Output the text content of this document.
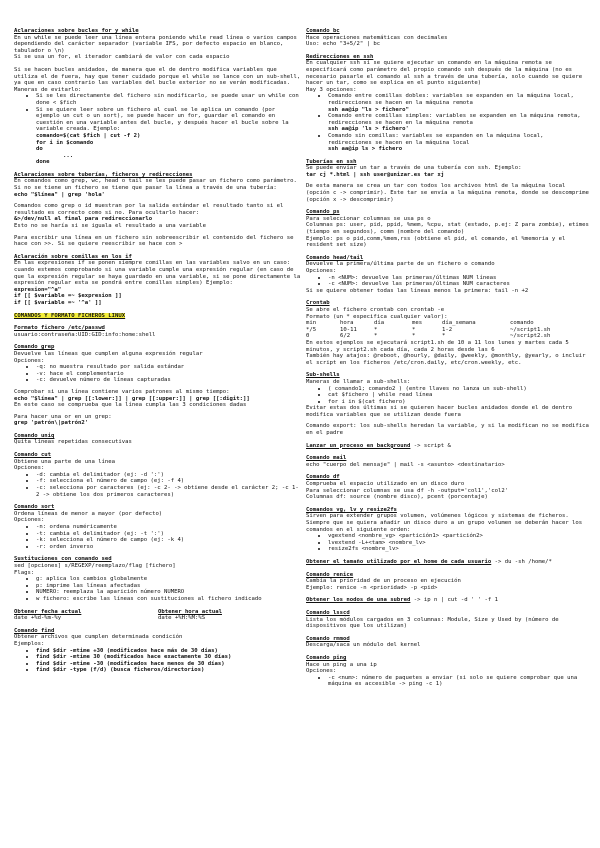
Aclaraciones sobre bucles for y while
En un while se puede leer una línea entera poniendo while read línea o varios campos dependiendo del carácter separador (variable IFS, por defecto espacio en blanco, tabulador o \n)
Si se usa un for, el iterador cambiará de valor con cada espacio
Si se hacen bucles anidados, de manera que el de dentro modifica variables que utiliza el de fuera, hay que tener cuidado porque el while se lance con un sub-shell, ya que en caso contrario las variables del bucle exterior no se verán modificadas. Maneras de evitarlo:
• Si se les directamente del fichero sin modificarlo, se puede usar un while con done < $fich
• Si se quiere leer sobre un fichero al cual se le aplica un comando (por ejemplo un cut o un sort), se puede hacer un for, guardar el comando en cuestión en una variable antes del bucle, y después hacer el bucle sobre la variable creada. Ejemplo:
comando=$(cat $fich | cut -f 2)
for i in $comando
do
...
done
Aclaraciones sobre tuberías, ficheros y redirecciones
En comandos como grep, wc, head o tail se les puede pasar un fichero como parámetro. Si no se tiene un fichero se tiene que pasar la línea a través de una tubería:
echo "$línea" | grep 'hola'
Comandos como grep o id muestran por la salida estándar el resultado tanto si el resultado es correcto como si no. Para ocultarlo hacer:
&>/dev/null al final para redireccionarlo
Esto no se haría si se iguala el resultado a una variable
Para escribir una línea en un fichero sin sobreescribir el contenido del fichero se hace con >>. Si se quiere reescribir se hace con >
Aclaración sobre comillas en los if
En las expresiones if se ponen siempre comillas en las variables salvo en un caso: cuando estemos comprobando si una variable cumple una expresión regular (en caso de que la expresión regular se haya guardado en una variable, si se pone directamente la expresión regular esta se pondrá entre comillas simples) Ejemplo:
expresion="^a"
if [[ $variable =~ $expresion ]]
if [[ $variable =~ '^a' ]]
COMANDOS Y FORMATO FICHEROS LINUX
Formato fichero /etc/passwd
usuario:contraseña:UID:GID:info:home:shell
Comando grep
Devuelve las líneas que cumplen alguna expresión regular
Opciones:
• -q: no muestra resultado por salida estándar
• -v: hace el complementario
• -c: devuelve número de líneas capturadas
Comprobar si una línea contiene varios patrones al mismo tiempo:
echo "$línea" | grep [[:lower:]] | grep [[:upper:]] | grep [[:digit:]]
En este caso se comprueba que la línea cumpla las 3 condiciones dadas
Para hacer una or en un grep:
grep 'patrón\|patrón2'
Comando uniq
Quita líneas repetidas consecutivas
Comando cut
Obtiene una parte de una línea
Opciones:
• -d: cambia el delimitador (ej: -d ':')
• -f: selecciona el número de campo (ej: -f 4)
• -c: selecciona por caracteres (ej: -c 2- -> obtiene desde el carácter 2; -c 1-2 -> obtiene los dos primeros caracteres)
Comando sort
Ordena líneas de menor a mayor (por defecto)
Opciones:
• -n: ordena numéricamente
• -t: cambia el delimitador (ej: -t ':')
• -k: selecciona el número de campo (ej: -k 4)
• -r: orden inverso
Sustituciones con comando sed
sed [opciones] s/REGEXP/reemplazo/flag [fichero]
Flags:
• g: aplica los cambios globalmente
• p: imprime las líneas afectadas
• NUMERO: reemplaza la aparición número NUMERO
• w fichero: escribe las líneas con sustituciones al fichero indicado
Obtener fecha actual
date +%d-%m-%y
Obtener hora actual
date +%H:%M:%S
Comando find
Obtener archivos que cumplen determinada condición
Ejemplos:
• find $dir -mtime +30 (modificados hace más de 30 días)
• find $dir -mtime 30 (modificados hace exactamente 30 días)
• find $dir -mtime -30 (modificados hace menos de 30 días)
• find $dir -type (f/d) (busca ficheros/directorios)
Comando bc
Hace operaciones matemáticas con decimales
Uso: echo "3+5/2" | bc
Redirecciones en ssh
En cualquier ssh si se quiere ejecutar un comando en la máquina remota se especificará como parámetro del propio comando ssh después de la máquina (no es necesario pasarle el comando al ssh a través de una tubería, solo cuando se quiere hacer un tar, como se explica en el punto siguiente)
Hay 3 opciones:
• Comando entre comillas dobles: variables se expanden en la máquina local, redirecciones se hacen en la máquina remota
ssh aa@ip "ls > fichero"
• Comando entre comillas simples: variables se expanden en la máquina remota, redirecciones se hacen en la máquina remota
ssh aa@ip 'ls > fichero'
• Comando sin comillas: variables se expanden en la máquina local, redirecciones se hacen en la máquina local
ssh aa@ip ls > fichero
Tuberías en ssh
Se puede enviar un tar a través de una tubería con ssh. Ejemplo:
tar cj *.html | ssh user@unizar.es tar xj
De esta manera se crea un tar con todos los archivos html de la máquina local (opción c -> comprimir). Este tar se envía a la máquina remota, donde se descomprime (opción x -> descomprimir)
Comando ps
Para seleccionar columnas se usa ps o
Columnas ps: user, pid, ppid, %mem, %cpu, stat (estado, p.ej: Z para zombie), etimes (tiempo en segundos), comm (nombre del comando)
Ejemplo: ps o pid,comm,%mem,rss (obtiene el pid, el comando, el %memoria y el resident set size)
Comando head/tail
Devuelve la primera/última parte de un fichero o comando
Opciones:
• -n <NUM>: devuelve las primeras/últimas NUM líneas
• -c <NUM>: devuelve las primeras/últimas NUM caracteres
Si se quiere obtener todas las líneas menos la primera: tail -n +2
Crontab
Se abre el fichero crontab con crontab -e
Formato (un * especifica cualquier valor):
min	hora	día	mes	día_semana	comando
*/5	10-11	*	*	1-2	~/script1.sh
0	6/2	*	*	*	~/script2.sh
En estos ejemplos se ejecutará script1.sh de 10 a 11 los lunes y martes cada 5 minutos, y script2.sh cada día, cada 2 horas desde las 6
También hay atajos: @reboot, @hourly, @daily, @weekly, @monthly, @yearly, o incluir el script en los ficheros /etc/cron.daily, etc/cron.weekly, etc.
Sub-shells
Maneras de llamar a sub-shells:
• ( comando1; comando2 ) (entre llaves no lanza un sub-shell)
• cat $fichero | while read línea
• for i in $(cat fichero)
Evitar estas dos últimas si se quieren hacer bucles anidados donde el de dentro modifica variables que se utilizan desde fuera
Comando export: los sub-shells heredan la variable, y si la modifican no se modifica en el padre
Lanzar un proceso en background -> script &
Comando mail
echo "cuerpo del mensaje" | mail -s <asunto> <destinatario>
Comando df
Comprueba el espacio utilizado en un disco duro
Para seleccionar columnas se usa df -h -output='col1','col2'
Columnas df: source (nombre disco), pcent (porcentaje)
Comandos vg, lv y resize2fs
Sirven para extender grupos volumen, volúmenes lógicos y sistemas de ficheros. Siempre que se quiera añadir un disco duro a un grupo volumen se deberán hacer los comandos en el siguiente orden:
• vgextend <nombre_vg> <partición1> <partición2>
• lvextend -L+<tam> <nombre_lv>
• resize2fs <nombre_lv>
Obtener el tamaño utilizado por el home de cada usuario -> du -sh /home/*
Comando renice
Cambia la prioridad de un proceso en ejecución
Ejemplo: renice -n <prioridad> -p <pid>
Obtener los nodos de una subred -> ip n | cut -d ' ' -f 1
Comando lsscd
Lista los módulos cargados en 3 columnas: Module, Size y Used by (número de dispositivos que los utilizan)
Comando rmmod
Descarga/saca un módulo del kernel
Comando ping
Hace un ping a una ip
Opciones:
• -c <num>: número de paquetes a enviar (si solo se quiere comprobar que una máquina es accesible -> ping -c 1)
